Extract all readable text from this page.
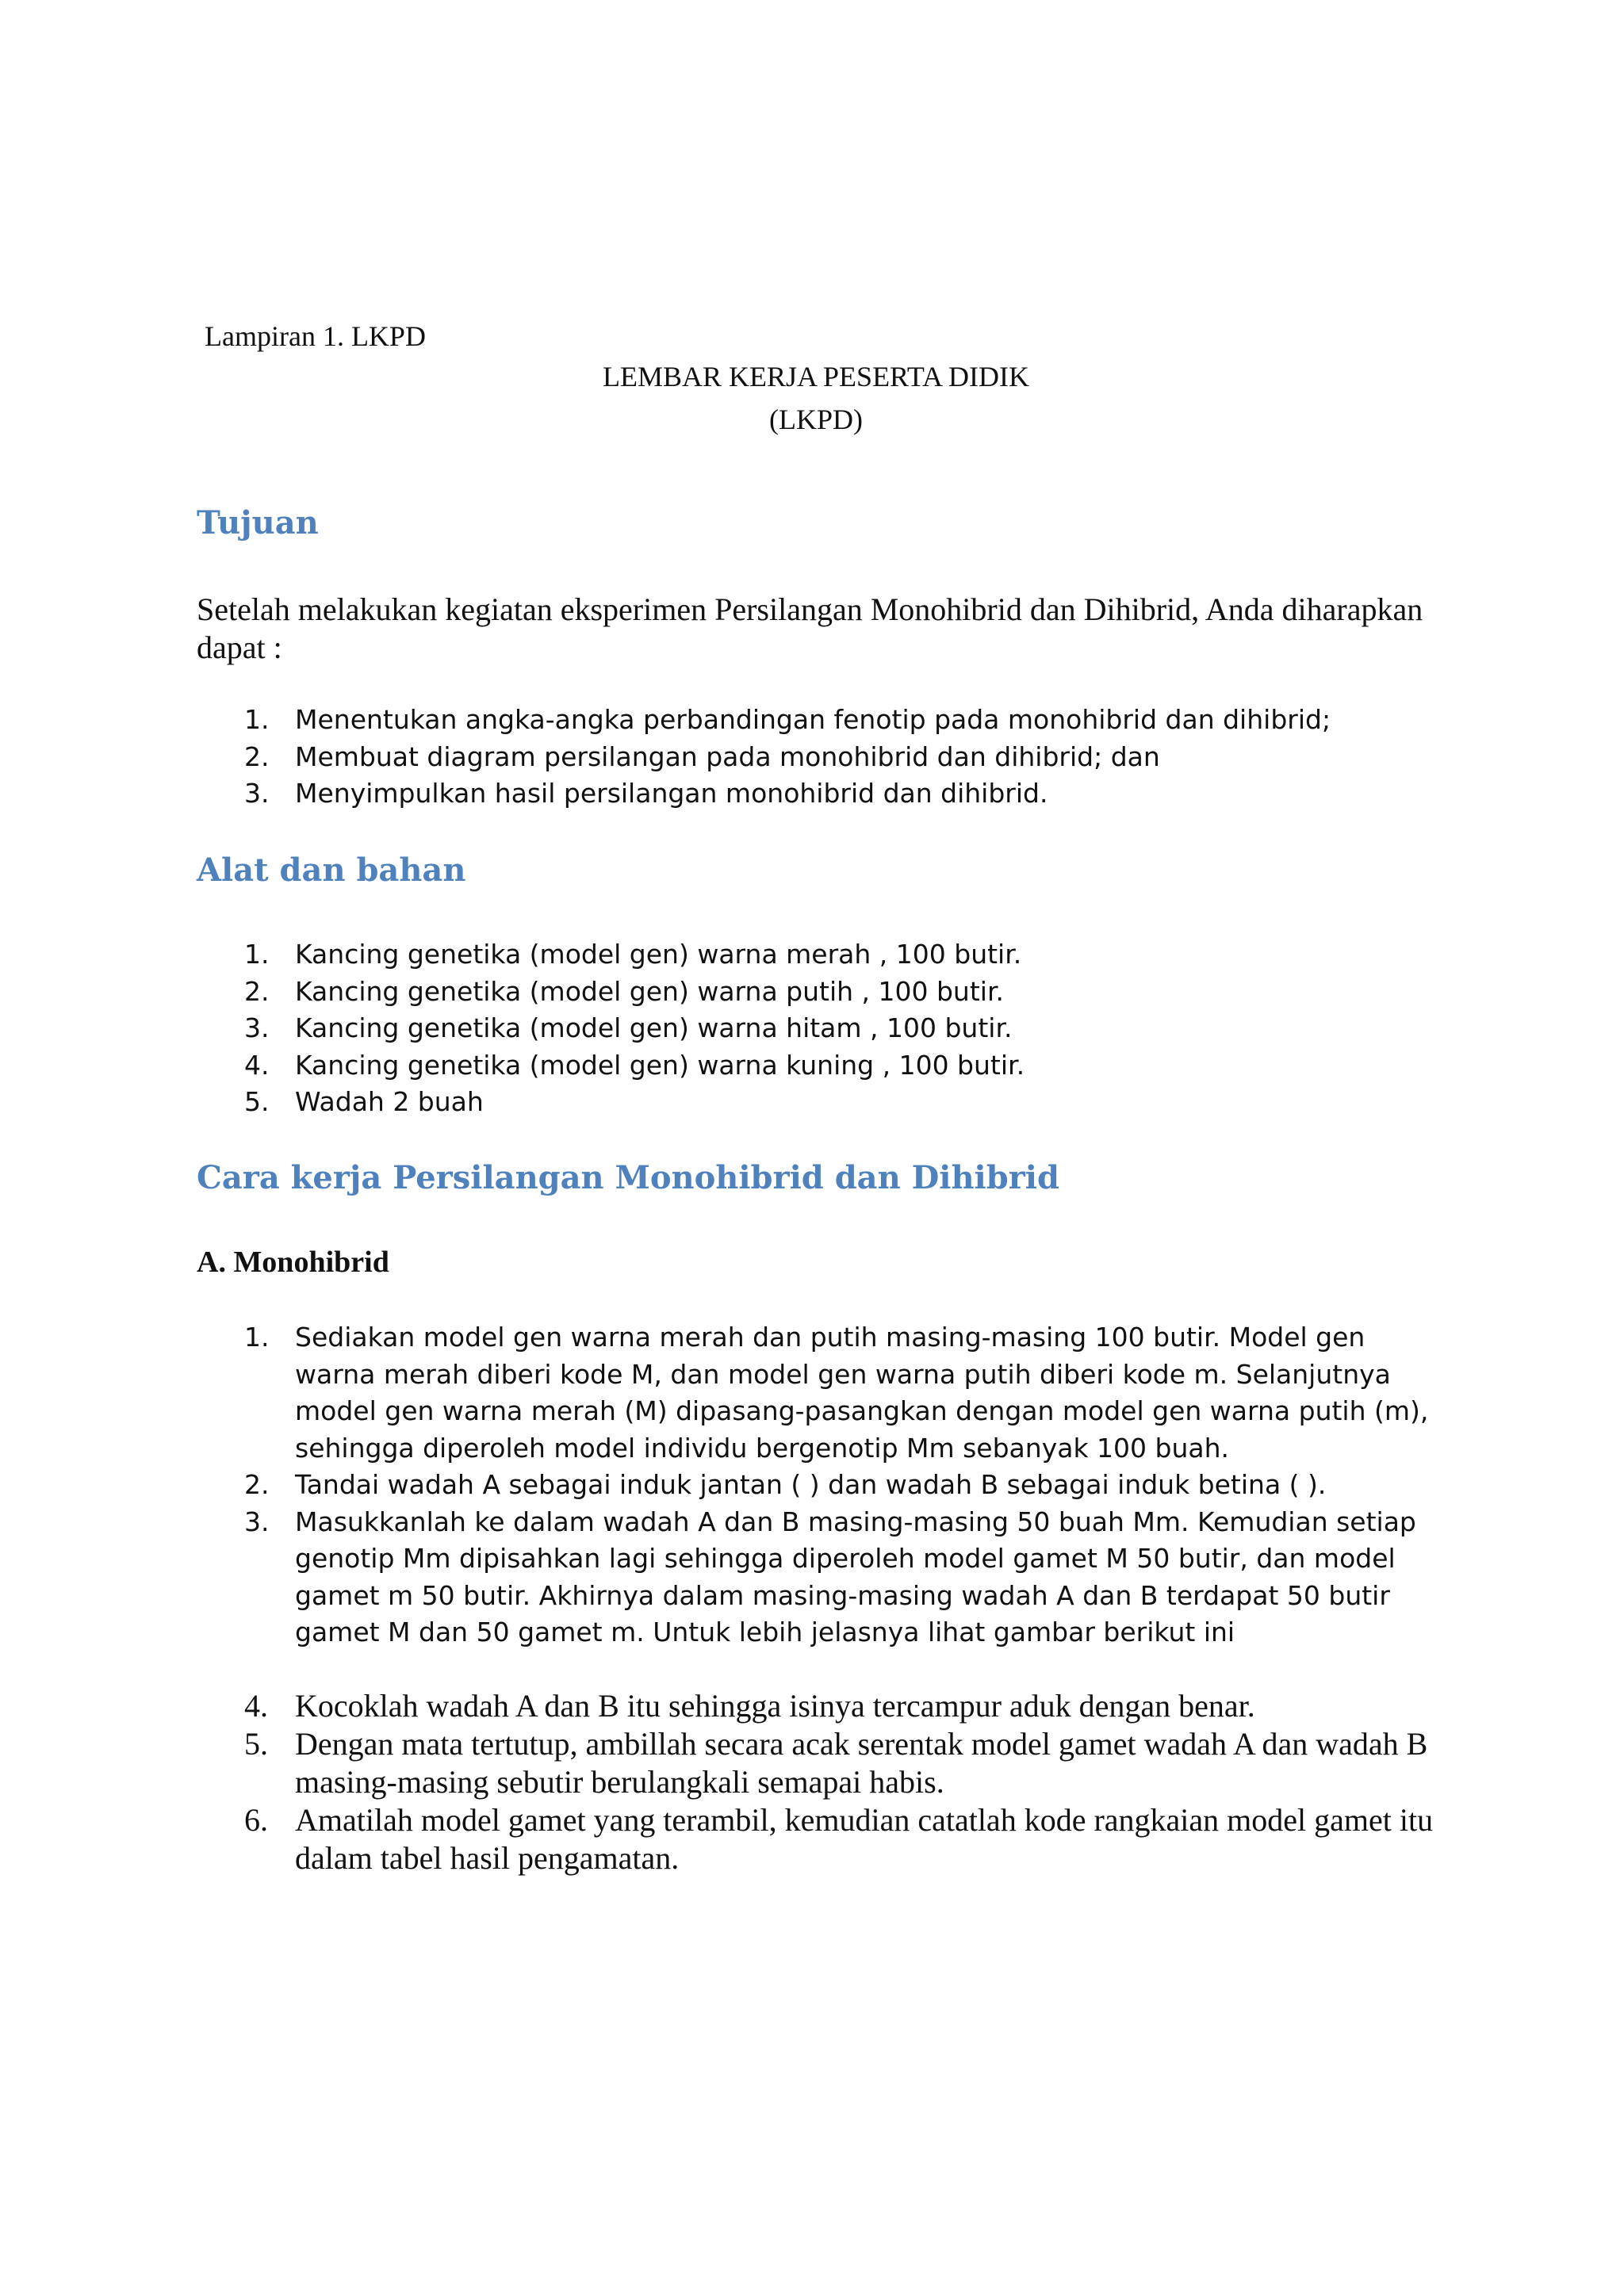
Lampiran 1. LKPD
LEMBAR KERJA PESERTA DIDIK
(LKPD)
Tujuan
Setelah melakukan kegiatan eksperimen Persilangan Monohibrid dan Dihibrid, Anda diharapkan dapat :
1. Menentukan angka-angka perbandingan fenotip pada monohibrid dan dihibrid;
2. Membuat diagram persilangan pada monohibrid dan dihibrid; dan
3. Menyimpulkan hasil persilangan monohibrid dan dihibrid.
Alat dan bahan
1. Kancing genetika (model gen) warna merah , 100 butir.
2. Kancing genetika (model gen) warna putih , 100 butir.
3. Kancing genetika (model gen) warna hitam , 100 butir.
4. Kancing genetika (model gen) warna kuning , 100 butir.
5. Wadah 2 buah
Cara kerja Persilangan Monohibrid dan Dihibrid
A. Monohibrid
1. Sediakan model gen warna merah dan putih masing-masing 100 butir. Model gen warna merah diberi kode M, dan model gen warna putih diberi kode m. Selanjutnya model gen warna merah (M) dipasang-pasangkan dengan model gen warna putih (m), sehingga diperoleh model individu bergenotip Mm sebanyak 100 buah.
2. Tandai wadah A sebagai induk jantan ( ) dan wadah B sebagai induk betina ( ).
3. Masukkanlah ke dalam wadah A dan B masing-masing 50 buah Mm. Kemudian setiap genotip Mm dipisahkan lagi sehingga diperoleh model gamet M 50 butir, dan model gamet m 50 butir. Akhirnya dalam masing-masing wadah A dan B terdapat 50 butir gamet M dan 50 gamet m. Untuk lebih jelasnya lihat gambar berikut ini
4. Kocoklah wadah A dan B itu sehingga isinya tercampur aduk dengan benar.
5. Dengan mata tertutup, ambillah secara acak serentak model gamet wadah A dan wadah B masing-masing sebutir berulangkali semapai habis.
6. Amatilah model gamet yang terambil, kemudian catatlah kode rangkaian model gamet itu dalam tabel hasil pengamatan.
